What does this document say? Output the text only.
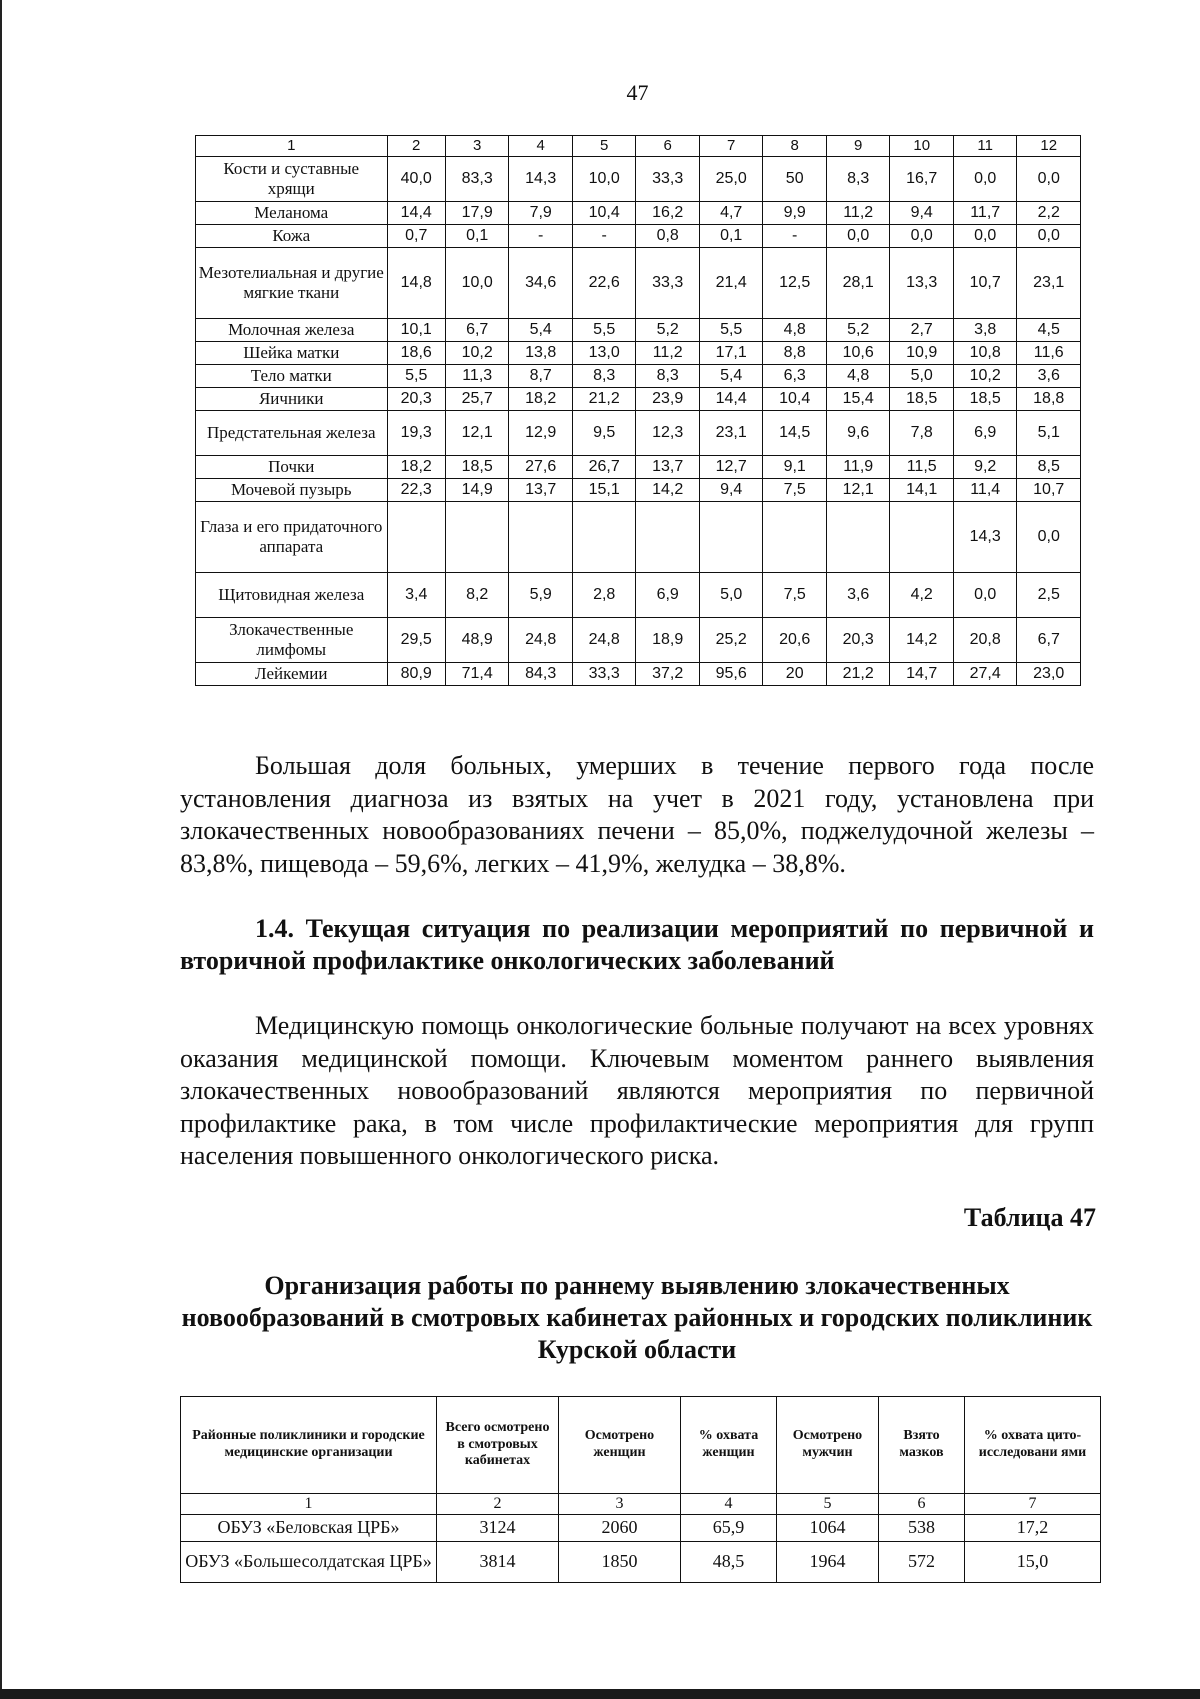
47
1	2	3	4	5	6	7	8	9	10	11	12
Кости и суставные хрящи	40,0	83,3	14,3	10,0	33,3	25,0	50	8,3	16,7	0,0	0,0
Меланома	14,4	17,9	7,9	10,4	16,2	4,7	9,9	11,2	9,4	11,7	2,2
Кожа	0,7	0,1	-	-	0,8	0,1	-	0,0	0,0	0,0	0,0
Мезотелиальная и другие мягкие ткани	14,8	10,0	34,6	22,6	33,3	21,4	12,5	28,1	13,3	10,7	23,1
Молочная железа	10,1	6,7	5,4	5,5	5,2	5,5	4,8	5,2	2,7	3,8	4,5
Шейка матки	18,6	10,2	13,8	13,0	11,2	17,1	8,8	10,6	10,9	10,8	11,6
Тело матки	5,5	11,3	8,7	8,3	8,3	5,4	6,3	4,8	5,0	10,2	3,6
Яичники	20,3	25,7	18,2	21,2	23,9	14,4	10,4	15,4	18,5	18,5	18,8
Предстательная железа	19,3	12,1	12,9	9,5	12,3	23,1	14,5	9,6	7,8	6,9	5,1
Почки	18,2	18,5	27,6	26,7	13,7	12,7	9,1	11,9	11,5	9,2	8,5
Мочевой пузырь	22,3	14,9	13,7	15,1	14,2	9,4	7,5	12,1	14,1	11,4	10,7
Глаза и его придаточного аппарата										14,3	0,0
Щитовидная железа	3,4	8,2	5,9	2,8	6,9	5,0	7,5	3,6	4,2	0,0	2,5
Злокачественные лимфомы	29,5	48,9	24,8	24,8	18,9	25,2	20,6	20,3	14,2	20,8	6,7
Лейкемии	80,9	71,4	84,3	33,3	37,2	95,6	20	21,2	14,7	27,4	23,0

Большая доля больных, умерших в течение первого года после установления диагноза из взятых на учет в 2021 году, установлена при злокачественных новообразованиях печени – 85,0%, поджелудочной железы – 83,8%, пищевода – 59,6%, легких – 41,9%, желудка – 38,8%.

1.4. Текущая ситуация по реализации мероприятий по первичной и вторичной профилактике онкологических заболеваний

Медицинскую помощь онкологические больные получают на всех уровнях оказания медицинской помощи. Ключевым моментом раннего выявления злокачественных новообразований являются мероприятия по первичной профилактике рака, в том числе профилактические мероприятия для групп населения повышенного онкологического риска.

Таблица 47

Организация работы по раннему выявлению злокачественных новообразований в смотровых кабинетах районных и городских поликлиник Курской области

Районные поликлиники и городские медицинские организации	Всего осмотрено в смотровых кабинетах	Осмотрено женщин	% охвата женщин	Осмотрено мужчин	Взято мазков	% охвата цито-исследовани ями
1	2	3	4	5	6	7
ОБУЗ «Беловская ЦРБ»	3124	2060	65,9	1064	538	17,2
ОБУЗ «Большесолдатская ЦРБ»	3814	1850	48,5	1964	572	15,0
